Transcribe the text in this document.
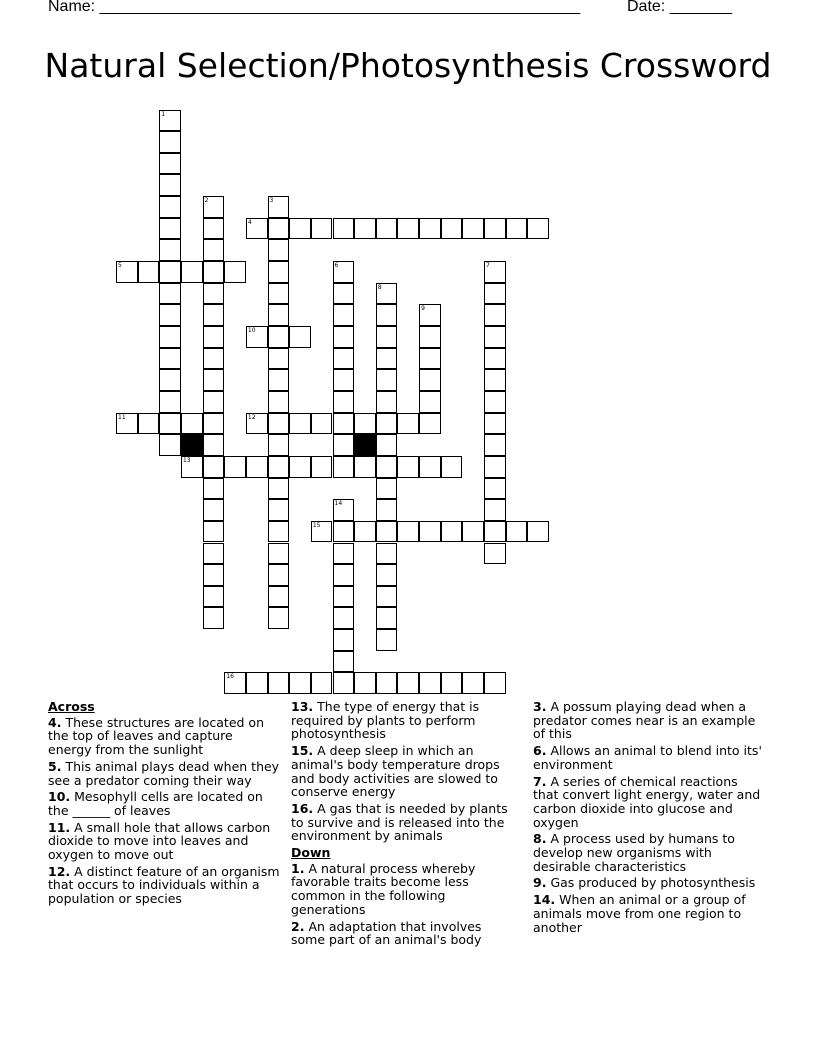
Name: ______________________________________________________	Date: _______
Natural Selection/Photosynthesis Crossword
1
2	3
4
5	6	7
8
9
10
11	12
13
14
15
16
Across
4. These structures are located on the top of leaves and capture energy from the sunlight
5. This animal plays dead when they see a predator coming their way
10. Mesophyll cells are located on the ______ of leaves
11. A small hole that allows carbon dioxide to move into leaves and oxygen to move out
12. A distinct feature of an organism that occurs to individuals within a population or species
13. The type of energy that is required by plants to perform photosynthesis
15. A deep sleep in which an animal's body temperature drops and body activities are slowed to conserve energy
16. A gas that is needed by plants to survive and is released into the environment by animals
Down
1. A natural process whereby favorable traits become less common in the following generations
2. An adaptation that involves some part of an animal's body
3. A possum playing dead when a predator comes near is an example of this
6. Allows an animal to blend into its' environment
7. A series of chemical reactions that convert light energy, water and carbon dioxide into glucose and oxygen
8. A process used by humans to develop new organisms with desirable characteristics
9. Gas produced by photosynthesis
14. When an animal or a group of animals move from one region to another
